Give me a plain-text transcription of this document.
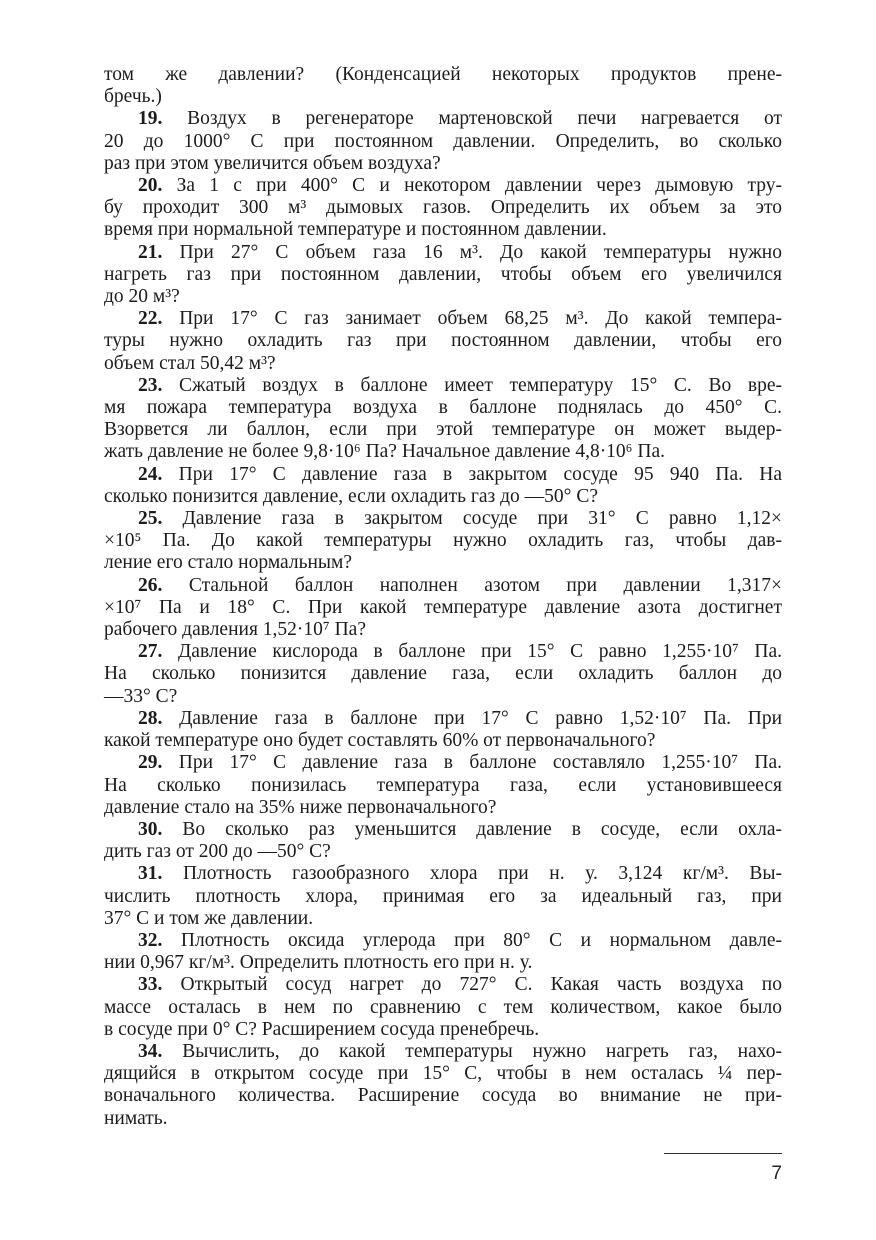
том же давлении? (Конденсацией некоторых продуктов прене-

бречь.)

19. Воздух в регенераторе мартеновской печи нагревается от

20 до 1000° C при постоянном давлении. Определить, во сколько

раз при этом увеличится объем воздуха?

20. За 1 с при 400° C и некотором давлении через дымовую тру-

бу проходит 300 м³ дымовых газов. Определить их объем за это

время при нормальной температуре и постоянном давлении.

21. При 27° C объем газа 16 м³. До какой температуры нужно

нагреть газ при постоянном давлении, чтобы объем его увеличился

до 20 м³?

22. При 17° C газ занимает объем 68,25 м³. До какой темпера-

туры нужно охладить газ при постоянном давлении, чтобы его

объем стал 50,42 м³?

23. Сжатый воздух в баллоне имеет температуру 15° C. Во вре-

мя пожара температура воздуха в баллоне поднялась до 450° C.

Взорвется ли баллон, если при этой температуре он может выдер-

жать давление не более 9,8·10⁶ Па? Начальное давление 4,8·10⁶ Па.

24. При 17° C давление газа в закрытом сосуде 95 940 Па. На

сколько понизится давление, если охладить газ до —50° C?

25. Давление газа в закрытом сосуде при 31° C равно 1,12×

×10⁵ Па. До какой температуры нужно охладить газ, чтобы дав-

ление его стало нормальным?

26. Стальной баллон наполнен азотом при давлении 1,317×

×10⁷ Па и 18° C. При какой температуре давление азота достигнет

рабочего давления 1,52·10⁷ Па?

27. Давление кислорода в баллоне при 15° C равно 1,255·10⁷ Па.

На сколько понизится давление газа, если охладить баллон до

—33° C?

28. Давление газа в баллоне при 17° C равно 1,52·10⁷ Па. При

какой температуре оно будет составлять 60% от первоначального?

29. При 17° C давление газа в баллоне составляло 1,255·10⁷ Па.

На сколько понизилась температура газа, если установившееся

давление стало на 35% ниже первоначального?

30. Во сколько раз уменьшится давление в сосуде, если охла-

дить газ от 200 до —50° C?

31. Плотность газообразного хлора при н. у. 3,124 кг/м³. Вы-

числить плотность хлора, принимая его за идеальный газ, при

37° C и том же давлении.

32. Плотность оксида углерода при 80° C и нормальном давле-

нии 0,967 кг/м³. Определить плотность его при н. у.

33. Открытый сосуд нагрет до 727° C. Какая часть воздуха по

массе осталась в нем по сравнению с тем количеством, какое было

в сосуде при 0° C? Расширением сосуда пренебречь.

34. Вычислить, до какой температуры нужно нагреть газ, нахо-

дящийся в открытом сосуде при 15° C, чтобы в нем осталась ¼ пер-

воначального количества. Расширение сосуда во внимание не при-

нимать.

7
